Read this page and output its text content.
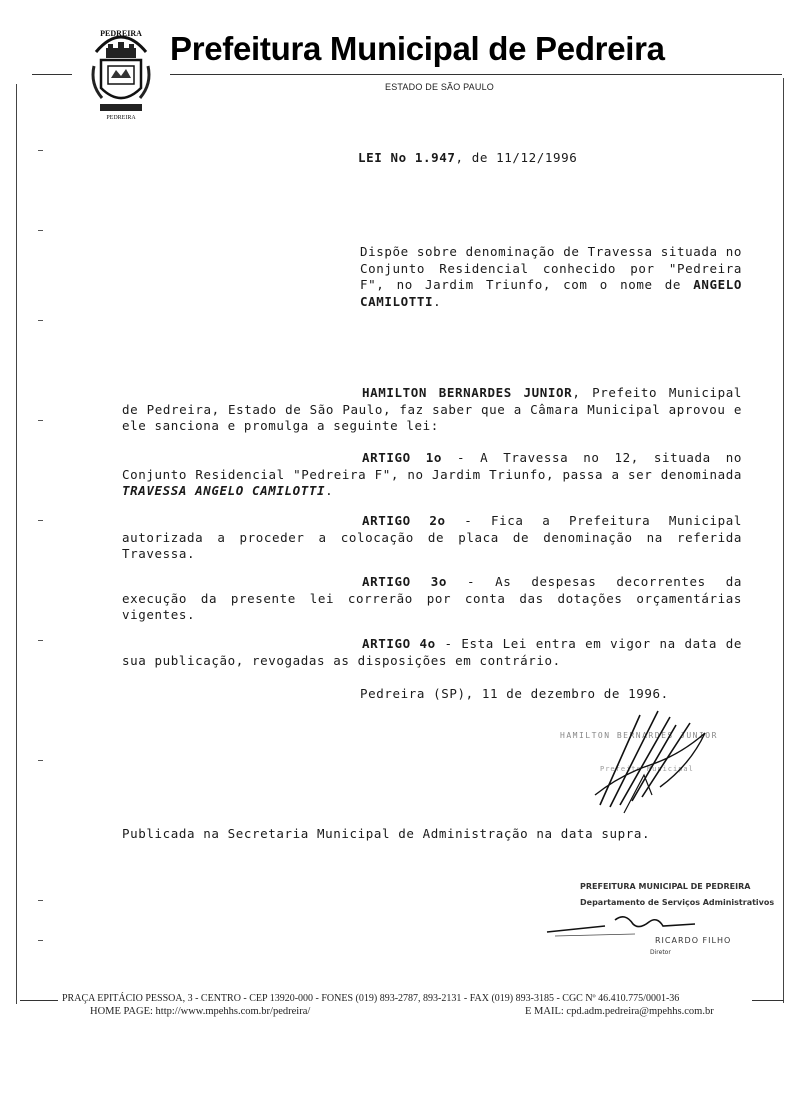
PEDREIRA
PEDREIRA
Prefeitura Municipal de Pedreira
ESTADO DE SÃO PAULO
LEI No 1.947, de 11/12/1996
Dispõe sobre denominação de Travessa situada no Conjunto Residencial conhecido por "Pedreira F", no Jardim Triunfo, com o nome de ANGELO CAMILOTTI.
HAMILTON BERNARDES JUNIOR, Prefeito Municipal de Pedreira, Estado de São Paulo, faz saber que a Câmara Municipal aprovou e ele sanciona e promulga a seguinte lei:
ARTIGO 1o - A Travessa no 12, situada no Conjunto Residencial "Pedreira F", no Jardim Triunfo, passa a ser denominada TRAVESSA ANGELO CAMILOTTI.
ARTIGO 2o - Fica a Prefeitura Municipal autorizada a proceder a colocação de placa de denominação na referida Travessa.
ARTIGO 3o - As despesas decorrentes da execução da presente lei correrão por conta das dotações orçamentárias vigentes.
ARTIGO 4o - Esta Lei entra em vigor na data de sua publicação, revogadas as disposições em contrário.
Pedreira (SP), 11 de dezembro de 1996.
HAMILTON BERNARDES JUNIOR
Prefeito Municipal
Publicada na Secretaria Municipal de Administração na data supra.
PREFEITURA MUNICIPAL DE PEDREIRA
Departamento de Serviços Administrativos
RICARDO FILHO
Diretor
PRAÇA EPITÁCIO PESSOA, 3 - CENTRO - CEP 13920-000 - FONES (019) 893-2787, 893-2131 - FAX (019) 893-3185 - CGC Nº 46.410.775/0001-36
HOME PAGE: http://www.mpehhs.com.br/pedreira/	E MAIL: cpd.adm.pedreira@mpehhs.com.br
